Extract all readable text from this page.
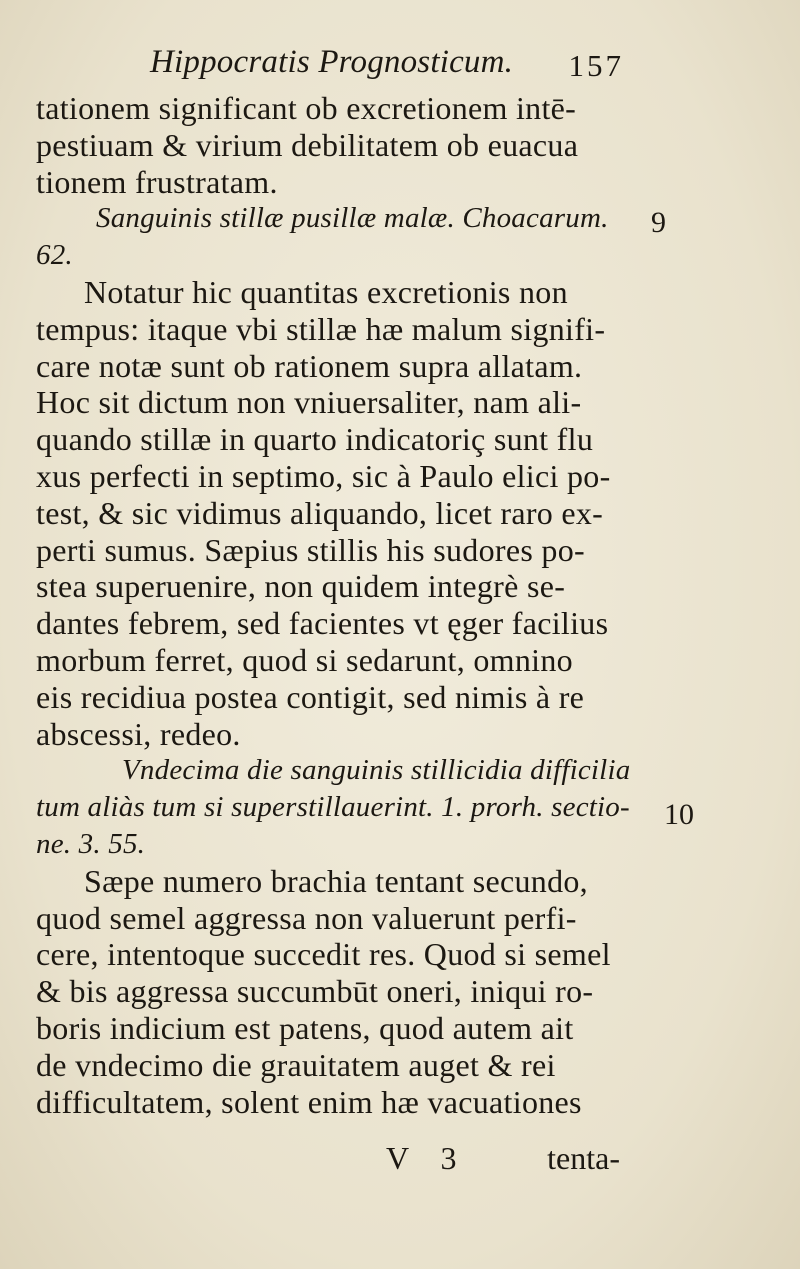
Hippocratis Prognosticum. 157
tationem significant ob excretionem intē-
pestiuam & virium debilitatem ob euacua
tionem frustratam.
Sanguinis stillæ pusillæ malæ. Choacarum.
62.
Notatur hic quantitas excretionis non
tempus: itaque vbi stillæ hæ malum signifi-
care notæ sunt ob rationem supra allatam.
Hoc sit dictum non vniuersaliter, nam ali-
quando stillæ in quarto indicatoriç sunt flu
xus perfecti in septimo, sic à Paulo elici po-
test, & sic vidimus aliquando, licet raro ex-
perti sumus. Sæpius stillis his sudores po-
stea superuenire, non quidem integrè se-
dantes febrem, sed facientes vt ęger facilius
morbum ferret, quod si sedarunt, omnino
eis recidiua postea contigit, sed nimis à re
abscessi, redeo.
Vndecima die sanguinis stillicidia difficilia
tum aliàs tum si superstillauerint. 1. prorh. sectio-
ne. 3. 55.
Sæpe numero brachia tentant secundo,
quod semel aggressa non valuerunt perfi-
cere, intentoque succedit res. Quod si semel
& bis aggressa succumbūt oneri, iniqui ro-
boris indicium est patens, quod autem ait
de vndecimo die grauitatem auget & rei
difficultatem, solent enim hæ vacuationes
9
10
V 3 tenta-
